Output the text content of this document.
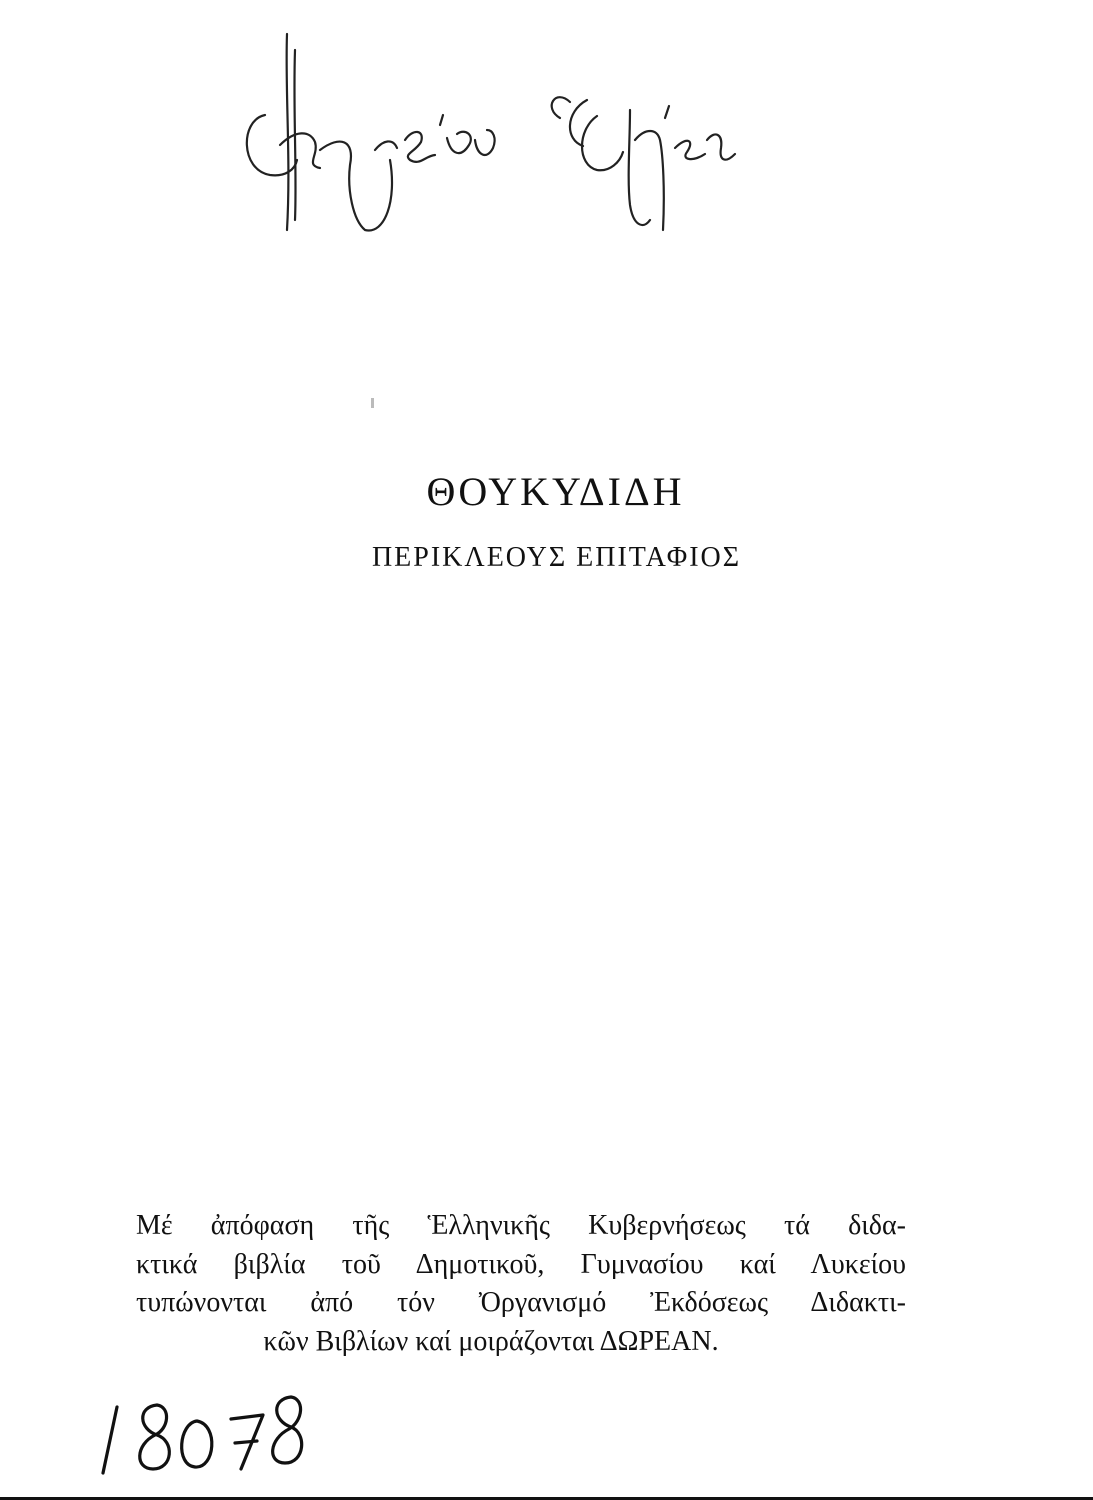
ΘΟΥΚΥΔΙΔΗ
ΠΕΡΙΚΛΕΟΥΣ ΕΠΙΤΑΦΙΟΣ
Μέ ἀπόφαση τῆς Ἑλληνικῆς Κυβερνήσεως τά διδα-
κτικά βιβλία τοῦ Δημοτικοῦ, Γυμνασίου καί Λυκείου
τυπώνονται ἀπό τόν Ὀργανισμό Ἐκδόσεως Διδακτι-
κῶν Βιβλίων καί μοιράζονται ΔΩΡΕΑΝ.
